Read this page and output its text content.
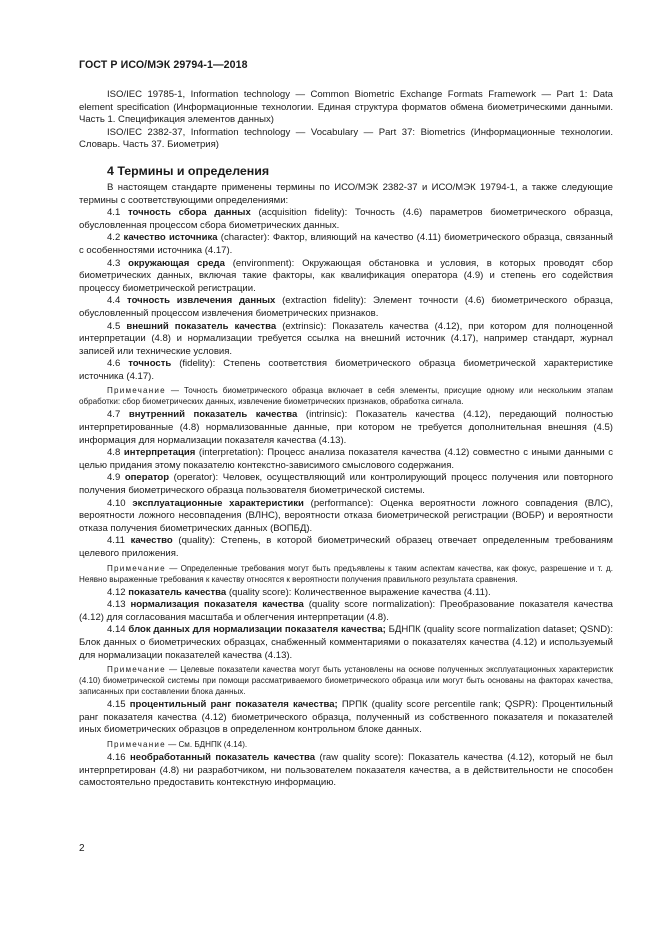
ГОСТ Р ИСО/МЭК 29794-1—2018

ISO/IEC 19785-1, Information technology — Common Biometric Exchange Formats Framework — Part 1: Data element specification (Информационные технологии. Единая структура форматов обмена биометрическими данными. Часть 1. Спецификация элементов данных)

ISO/IEC 2382-37, Information technology — Vocabulary — Part 37: Biometrics (Информационные технологии. Словарь. Часть 37. Биометрия)

4 Термины и определения

В настоящем стандарте применены термины по ИСО/МЭК 2382-37 и ИСО/МЭК 19794-1, а также следующие термины с соответствующими определениями:

4.1 точность сбора данных (acquisition fidelity): Точность (4.6) параметров биометрического образца, обусловленная процессом сбора биометрических данных.

4.2 качество источника (character): Фактор, влияющий на качество (4.11) биометрического образца, связанный с особенностями источника (4.17).

4.3 окружающая среда (environment): Окружающая обстановка и условия, в которых проводят сбор биометрических данных, включая такие факторы, как квалификация оператора (4.9) и степень его содействия процессу биометрической регистрации.

4.4 точность извлечения данных (extraction fidelity): Элемент точности (4.6) биометрического образца, обусловленный процессом извлечения биометрических признаков.

4.5 внешний показатель качества (extrinsic): Показатель качества (4.12), при котором для полноценной интерпретации (4.8) и нормализации требуется ссылка на внешний источник (4.17), например стандарт, журнал записей или технические условия.

4.6 точность (fidelity): Степень соответствия биометрического образца биометрической характеристике источника (4.17).

Примечание — Точность биометрического образца включает в себя элементы, присущие одному или нескольким этапам обработки: сбор биометрических данных, извлечение биометрических признаков, обработка сигнала.

4.7 внутренний показатель качества (intrinsic): Показатель качества (4.12), передающий полностью интерпретированные (4.8) нормализованные данные, при котором не требуется дополнительная внешняя (4.5) информация для нормализации показателя качества (4.13).

4.8 интерпретация (interpretation): Процесс анализа показателя качества (4.12) совместно с иными данными с целью придания этому показателю контекстно-зависимого смыслового содержания.

4.9 оператор (operator): Человек, осуществляющий или контролирующий процесс получения или повторного получения биометрического образца пользователя биометрической системы.

4.10 эксплуатационные характеристики (performance): Оценка вероятности ложного совпадения (ВЛС), вероятности ложного несовпадения (ВЛНС), вероятности отказа биометрической регистрации (ВОБР) и вероятности отказа получения биометрических данных (ВОПБД).

4.11 качество (quality): Степень, в которой биометрический образец отвечает определенным требованиям целевого приложения.

Примечание — Определенные требования могут быть предъявлены к таким аспектам качества, как фокус, разрешение и т. д. Неявно выраженные требования к качеству относятся к вероятности получения правильного результата сравнения.

4.12 показатель качества (quality score): Количественное выражение качества (4.11).

4.13 нормализация показателя качества (quality score normalization): Преобразование показателя качества (4.12) для согласования масштаба и облегчения интерпретации (4.8).

4.14 блок данных для нормализации показателя качества; БДНПК (quality score normalization dataset; QSND): Блок данных о биометрических образцах, снабженный комментариями о показателях качества (4.12) и используемый для нормализации показателей качества (4.13).

Примечание — Целевые показатели качества могут быть установлены на основе полученных эксплуатационных характеристик (4.10) биометрической системы при помощи рассматриваемого биометрического образца или могут быть основаны на факторах качества, записанных при составлении блока данных.

4.15 процентильный ранг показателя качества; ПРПК (quality score percentile rank; QSPR): Процентильный ранг показателя качества (4.12) биометрического образца, полученный из собственного показателя и показателей иных биометрических образцов в определенном контрольном блоке данных.

Примечание — См. БДНПК (4.14).

4.16 необработанный показатель качества (raw quality score): Показатель качества (4.12), который не был интерпретирован (4.8) ни разработчиком, ни пользователем показателя качества, а в действительности не способен самостоятельно предоставить контекстную информацию.

2
